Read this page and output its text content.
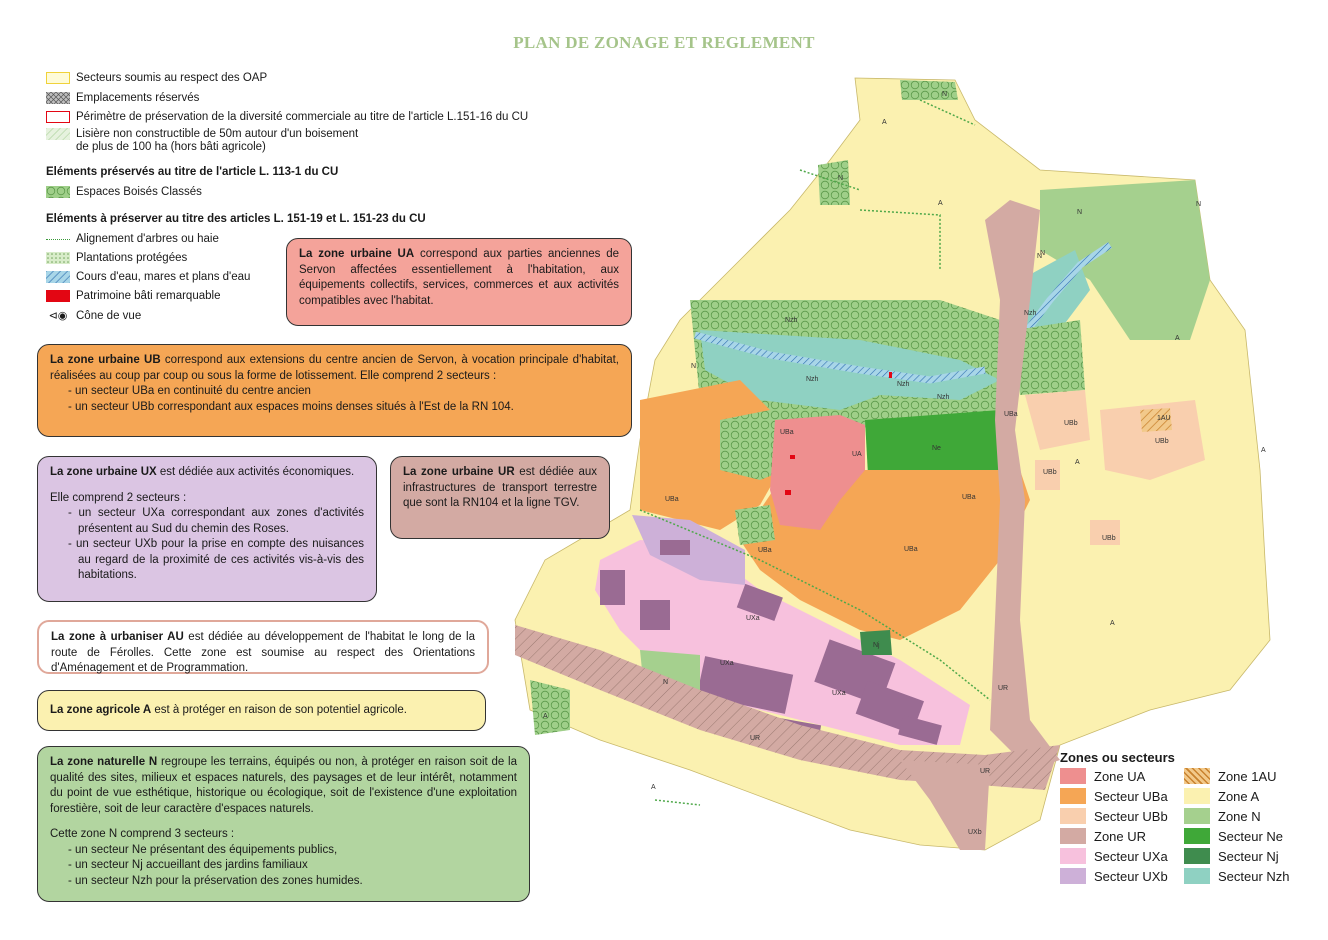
N
A
A
N
N
Nzh
Nzh
Nzh
Nzh
Nzh
N
N
UBa
UBa
UA
Ne
UBa	UBa
UBa
UBa
UBb
UBb
UBb
1AU
UBb
A
A
UXa
UXa
UXa
N
Nj
UR
UR
UR
A
A
UXb
A
N
N
A
PLAN DE ZONAGE ET REGLEMENT
Secteurs soumis au respect des OAP
Emplacements réservés
Périmètre de préservation de la diversité commerciale au titre de l'article L.151-16 du CU
Lisière non constructible de 50m autour d'un boisement
de plus de 100 ha (hors bâti agricole)
Eléments préservés au titre de l'article L. 113-1 du CU
Espaces Boisés Classés
Eléments à préserver au titre des articles L. 151-19 et L. 151-23 du CU
Alignement d'arbres ou haie
Plantations protégées
Cours d'eau, mares et plans d'eau
Patrimoine bâti remarquable
⊲◉ Cône de vue

La zone urbaine UA correspond aux parties anciennes de Servon affectées essentiellement à l'habitation, aux équipements collectifs, services, commerces et aux activités compatibles avec l'habitat.

La zone urbaine UB correspond aux extensions du centre ancien de Servon, à vocation principale d'habitat, réalisées au coup par coup ou sous la forme de lotissement. Elle comprend 2 secteurs :

- un secteur UBa en continuité du centre ancien

- un secteur UBb correspondant aux espaces moins denses situés à l'Est de la RN 104.

La zone urbaine UX est dédiée aux activités économiques.

Elle comprend 2 secteurs :

- un secteur UXa correspondant aux zones d'activités présentent au Sud du chemin des Roses.

- un secteur UXb pour la prise en compte des nuisances au regard de la proximité de ces activités vis-à-vis des habitations.

La zone urbaine UR est dédiée aux infrastructures de transport terrestre que sont la RN104 et la ligne TGV.

La zone à urbaniser AU est dédiée au développement de l'habitat le long de la route de Férolles. Cette zone est soumise au respect des Orientations d'Aménagement et de Programmation.

La zone agricole A est à protéger en raison de son potentiel agricole.

La zone naturelle N regroupe les terrains, équipés ou non, à protéger en raison soit de la qualité des sites, milieux et espaces naturels, des paysages et de leur intérêt, notamment du point de vue esthétique, historique ou écologique, soit de l'existence d'une exploitation forestière, soit de leur caractère d'espaces naturels.

Cette zone N comprend 3 secteurs :

- un secteur Ne présentant des équipements publics,

- un secteur Nj accueillant des jardins familiaux

- un secteur Nzh pour la préservation des zones humides.

Zones ou secteurs
Zone UA	Zone 1AU
Secteur UBa	Zone A
Secteur UBb	Zone N
Zone UR	Secteur Ne
Secteur UXa	Secteur Nj
Secteur UXb	Secteur Nzh
